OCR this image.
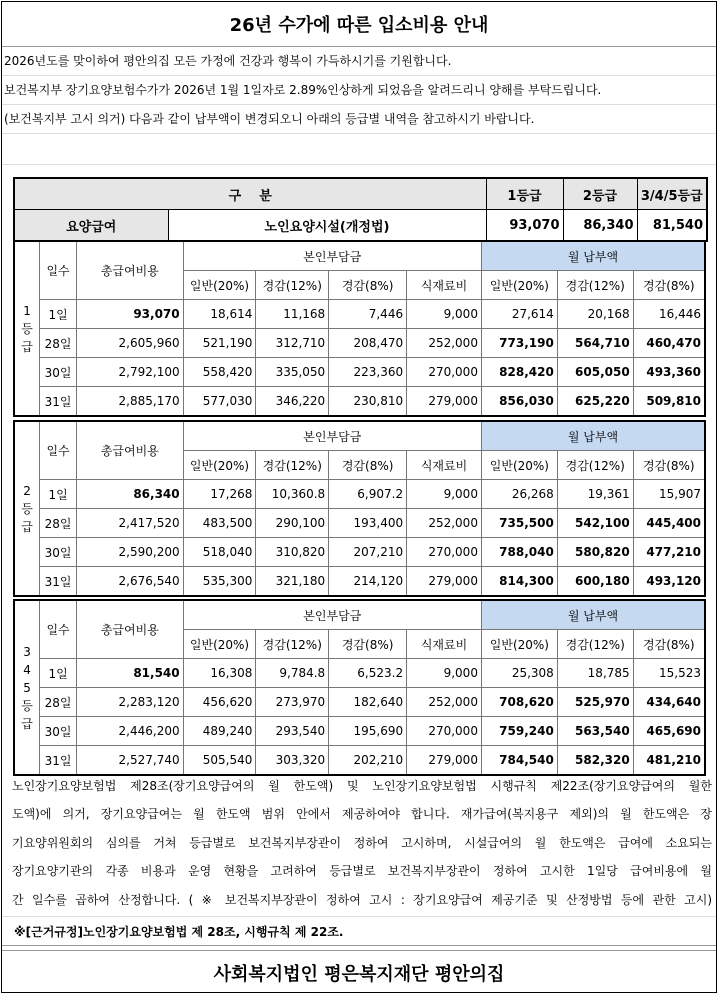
26년 수가에 따른 입소비용 안내
2026년도를 맞이하여 평안의집 모든 가정에 건강과 행복이 가득하시기를 기원합니다.
보건복지부 장기요양보험수가가 2026년 1월 1일자로 2.89%인상하게 되었음을 알려드리니 양해를 부탁드립니다.
(보건복지부 고시 의거) 다음과 같이 납부액이 변경되오니 아래의 등급별 내역을 참고하시기 바랍니다.
구    분		1등급	2등급	3/4/5등급
요양급여	노인요양시설(개정법)	93,070	86,340	81,540
1
등
급	일수	총급여비용	본인부담금				월 납부액		
			일반(20%)	경감(12%)	경감(8%)	식재료비	일반(20%)	경감(12%)	경감(8%)
	1일	93,070	18,614	11,168	7,446	9,000	27,614	20,168	16,446
	28일	2,605,960	521,190	312,710	208,470	252,000	773,190	564,710	460,470
	30일	2,792,100	558,420	335,050	223,360	270,000	828,420	605,050	493,360
	31일	2,885,170	577,030	346,220	230,810	279,000	856,030	625,220	509,810
2
등
급	일수	총급여비용	본인부담금				월 납부액		
			일반(20%)	경감(12%)	경감(8%)	식재료비	일반(20%)	경감(12%)	경감(8%)
	1일	86,340	17,268	10,360.8	6,907.2	9,000	26,268	19,361	15,907
	28일	2,417,520	483,500	290,100	193,400	252,000	735,500	542,100	445,400
	30일	2,590,200	518,040	310,820	207,210	270,000	788,040	580,820	477,210
	31일	2,676,540	535,300	321,180	214,120	279,000	814,300	600,180	493,120
3
4
5
등
급	일수	총급여비용	본인부담금				월 납부액		
			일반(20%)	경감(12%)	경감(8%)	식재료비	일반(20%)	경감(12%)	경감(8%)
	1일	81,540	16,308	9,784.8	6,523.2	9,000	25,308	18,785	15,523
	28일	2,283,120	456,620	273,970	182,640	252,000	708,620	525,970	434,640
	30일	2,446,200	489,240	293,540	195,690	270,000	759,240	563,540	465,690
	31일	2,527,740	505,540	303,320	202,210	279,000	784,540	582,320	481,210
노인장기요양보험법 제28조(장기요양급여의 월 한도액) 및 노인장기요양보험법 시행규칙 제22조(장기요양급여의 월한
도액)에 의거, 장기요양급여는 월 한도액 범위 안에서 제공하여야 합니다. 재가급여(복지용구 제외)의 월 한도액은 장
기요양위원회의 심의를 거쳐 등급별로 보건복지부장관이 정하여 고시하며, 시설급여의 월 한도액은 급여에 소요되는
장기요양기관의 각종 비용과 운영 현황을 고려하여 등급별로 보건복지부장관이 정하여 고시한 1일당 급여비용에 월
간 일수를 곱하여 산정합니다. ( ※ 보건복지부장관이 정하여 고시 : 장기요양급여 제공기준 및 산정방법 등에 관한 고시)
※[근거규정]노인장기요양보험법 제 28조, 시행규칙 제 22조.
사회복지법인 평은복지재단 평안의집
